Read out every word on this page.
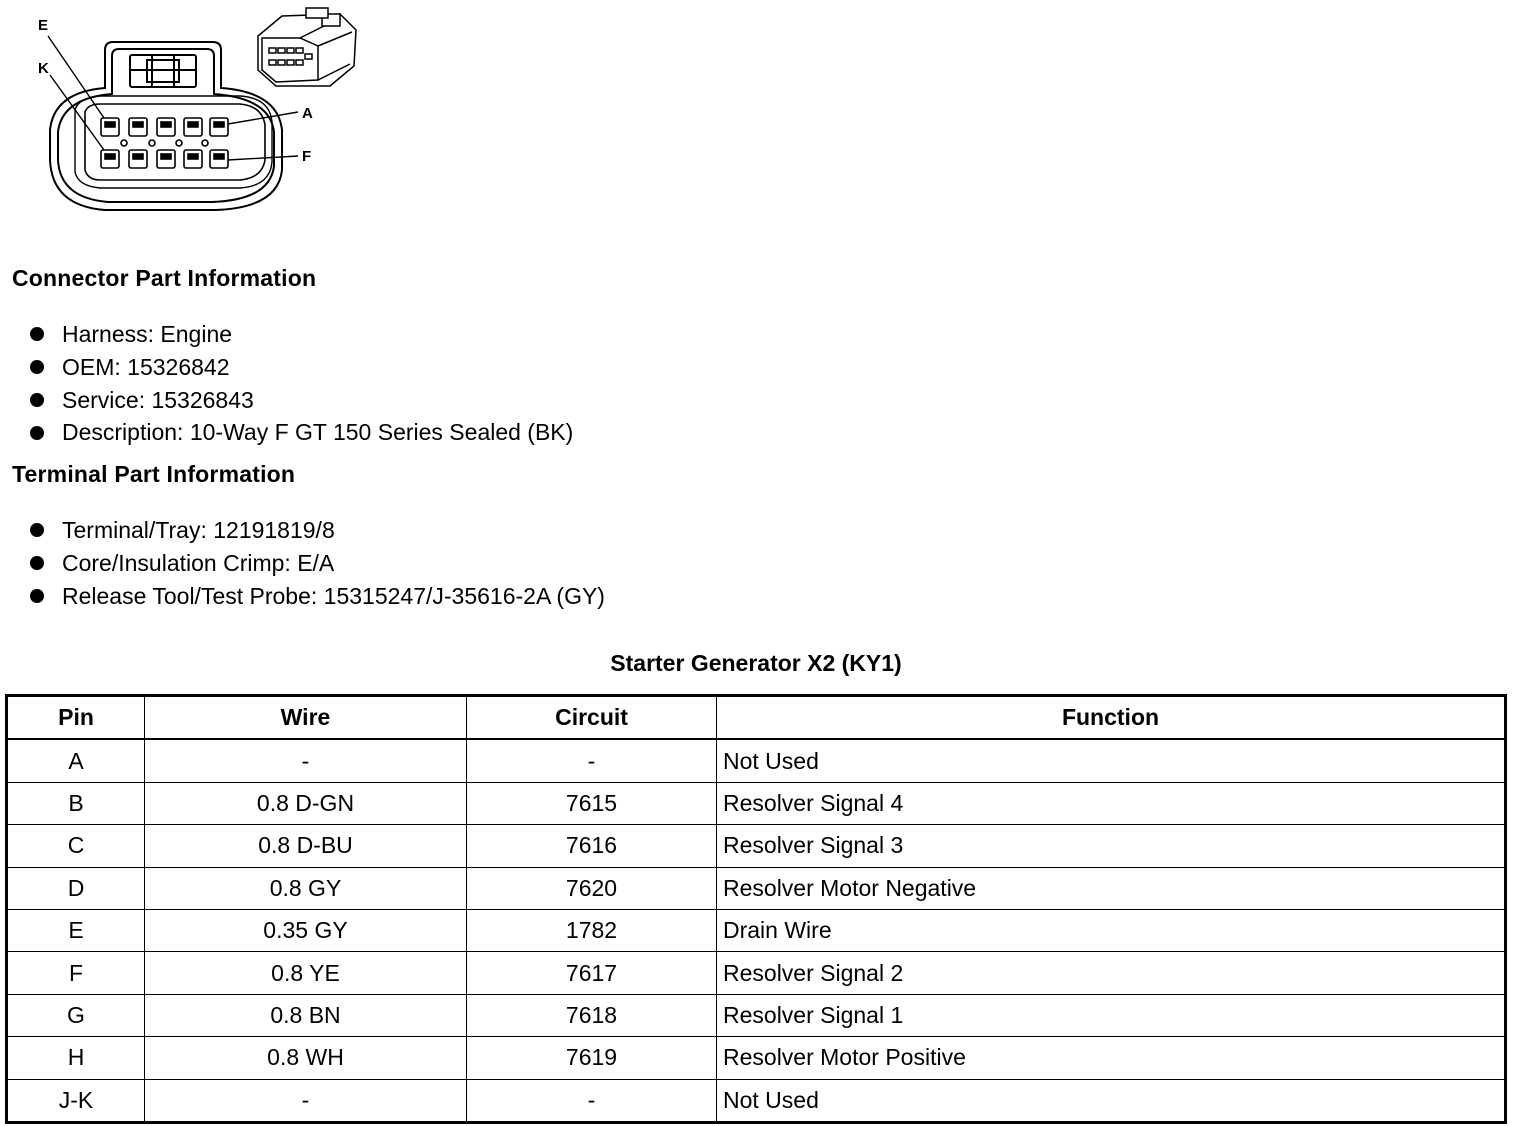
E
K
A
F
Connector Part Information
Harness: Engine
OEM: 15326842
Service: 15326843
Description: 10-Way F GT 150 Series Sealed (BK)
Terminal Part Information
Terminal/Tray: 12191819/8
Core/Insulation Crimp: E/A
Release Tool/Test Probe: 15315247/J-35616-2A (GY)
Starter Generator X2 (KY1)
Pin	Wire	Circuit	Function
A	-	-	Not Used
B	0.8 D-GN	7615	Resolver Signal 4
C	0.8 D-BU	7616	Resolver Signal 3
D	0.8 GY	7620	Resolver Motor Negative
E	0.35 GY	1782	Drain Wire
F	0.8 YE	7617	Resolver Signal 2
G	0.8 BN	7618	Resolver Signal 1
H	0.8 WH	7619	Resolver Motor Positive
J-K	-	-	Not Used
